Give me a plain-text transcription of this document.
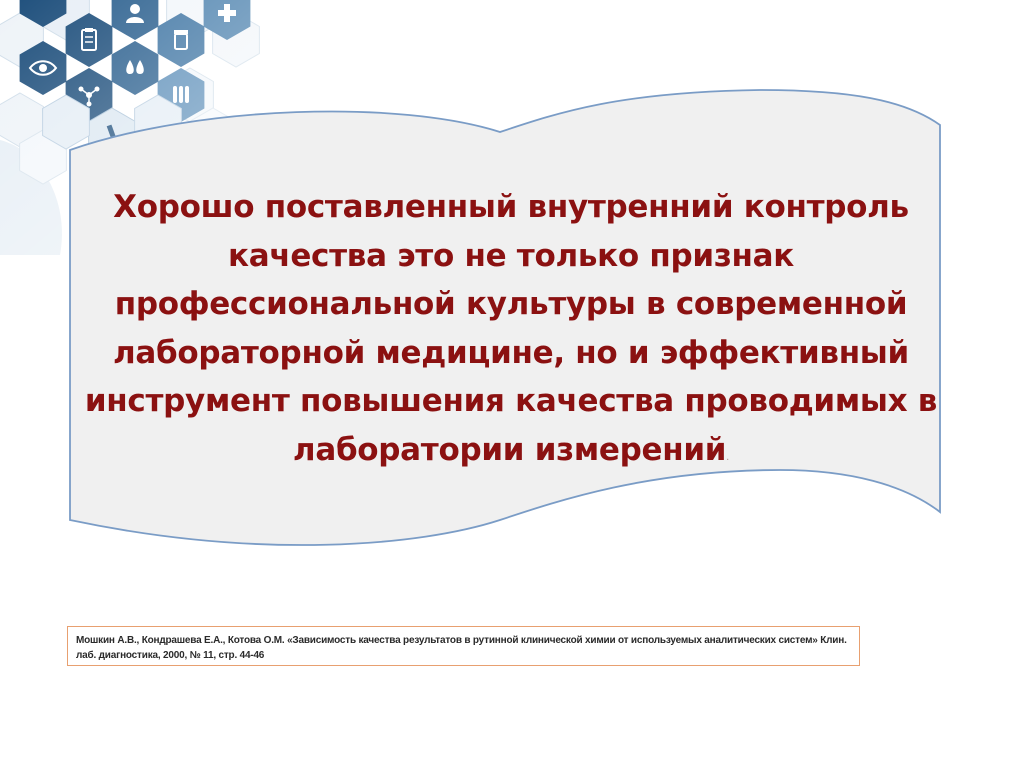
Хорошо поставленный внутренний контроль качества это не только признак профессиональной культуры в современной лабораторной медицине, но и эффективный инструмент повышения качества проводимых в лаборатории измерений.

Мошкин А.В., Кондрашева Е.А., Котова О.М. «Зависимость качества результатов в рутинной клинической химии от используемых аналитических систем» Клин. лаб. диагностика, 2000, № 11, стр. 44-46
